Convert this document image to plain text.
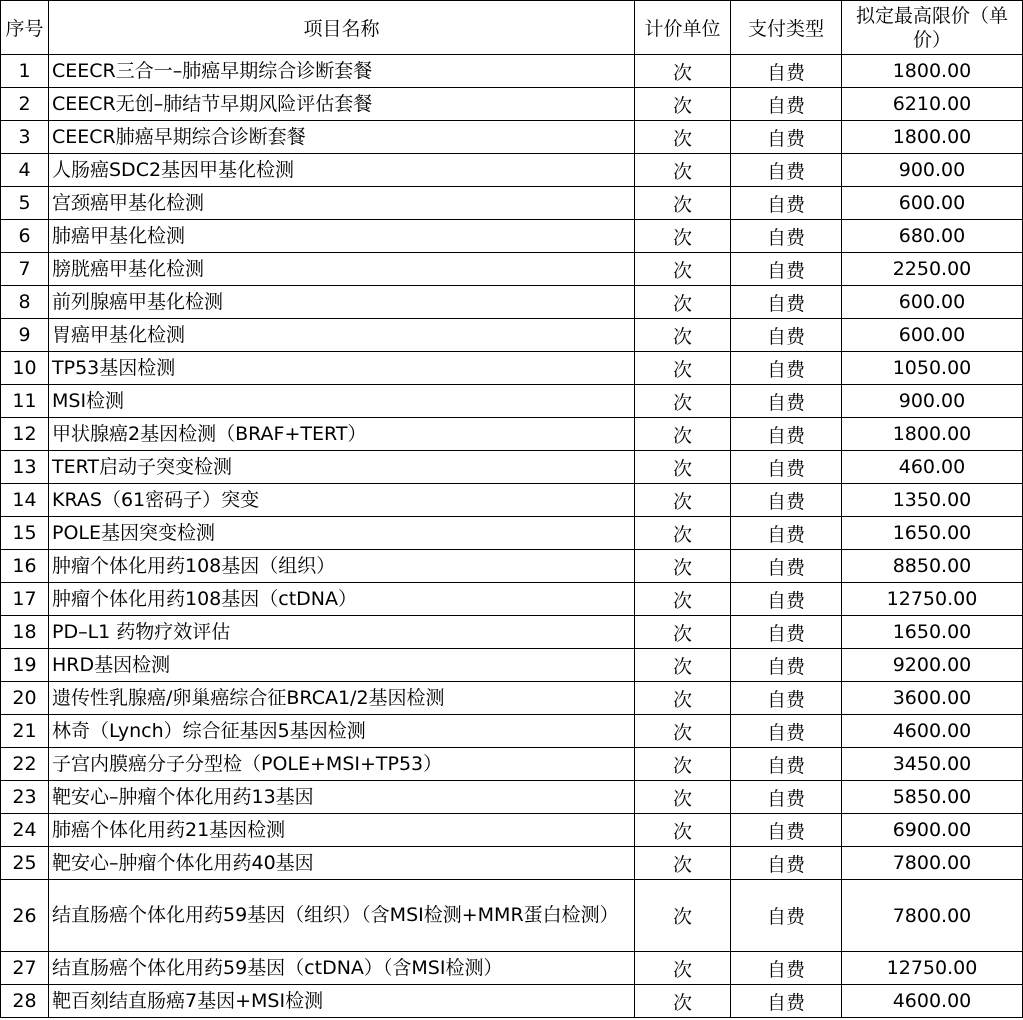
序号	项目名称	计价单位	支付类型	拟定最高限价（单价）
1	CEECR三合一–肺癌早期综合诊断套餐	次	自费	1800.00
2	CEECR无创–肺结节早期风险评估套餐	次	自费	6210.00
3	CEECR肺癌早期综合诊断套餐	次	自费	1800.00
4	人肠癌SDC2基因甲基化检测	次	自费	900.00
5	宫颈癌甲基化检测	次	自费	600.00
6	肺癌甲基化检测	次	自费	680.00
7	膀胱癌甲基化检测	次	自费	2250.00
8	前列腺癌甲基化检测	次	自费	600.00
9	胃癌甲基化检测	次	自费	600.00
10	TP53基因检测	次	自费	1050.00
11	MSI检测	次	自费	900.00
12	甲状腺癌2基因检测（BRAF+TERT）	次	自费	1800.00
13	TERT启动子突变检测	次	自费	460.00
14	KRAS（61密码子）突变	次	自费	1350.00
15	POLE基因突变检测	次	自费	1650.00
16	肿瘤个体化用药108基因（组织）	次	自费	8850.00
17	肿瘤个体化用药108基因（ctDNA）	次	自费	12750.00
18	PD–L1 药物疗效评估	次	自费	1650.00
19	HRD基因检测	次	自费	9200.00
20	遗传性乳腺癌/卵巢癌综合征BRCA1/2基因检测	次	自费	3600.00
21	林奇（Lynch）综合征基因5基因检测	次	自费	4600.00
22	子宫内膜癌分子分型检（POLE+MSI+TP53）	次	自费	3450.00
23	靶安心–肿瘤个体化用药13基因	次	自费	5850.00
24	肺癌个体化用药21基因检测	次	自费	6900.00
25	靶安心–肿瘤个体化用药40基因	次	自费	7800.00
26	结直肠癌个体化用药59基因（组织）（含MSI检测+MMR蛋白检测）	次	自费	7800.00
27	结直肠癌个体化用药59基因（ctDNA）（含MSI检测）	次	自费	12750.00
28	靶百刻结直肠癌7基因+MSI检测	次	自费	4600.00
